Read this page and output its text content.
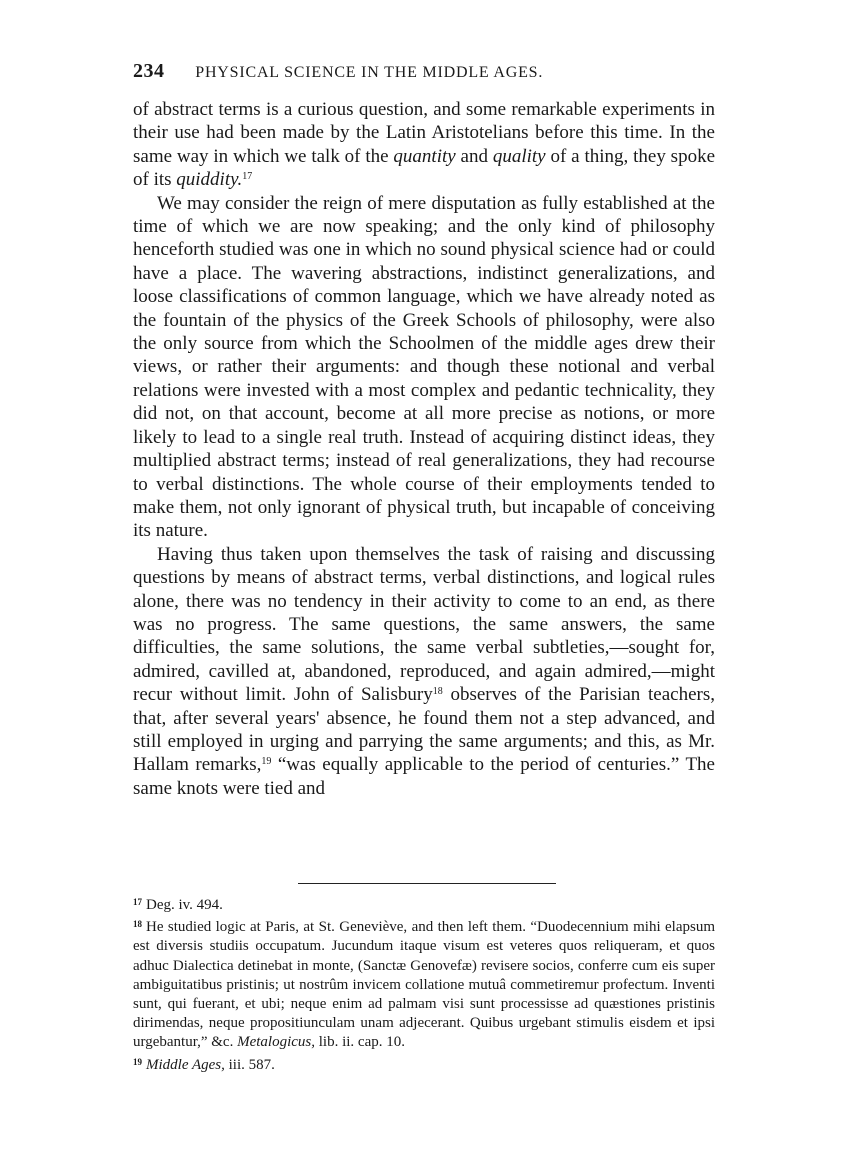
234 PHYSICAL SCIENCE IN THE MIDDLE AGES.

of abstract terms is a curious question, and some remarkable experiments in their use had been made by the Latin Aristotelians before this time. In the same way in which we talk of the quantity and quality of a thing, they spoke of its quiddity.$^{17}$

We may consider the reign of mere disputation as fully established at the time of which we are now speaking; and the only kind of philosophy henceforth studied was one in which no sound physical science had or could have a place. The wavering abstractions, indistinct generalizations, and loose classifications of common language, which we have already noted as the fountain of the physics of the Greek Schools of philosophy, were also the only source from which the Schoolmen of the middle ages drew their views, or rather their arguments: and though these notional and verbal relations were invested with a most complex and pedantic technicality, they did not, on that account, become at all more precise as notions, or more likely to lead to a single real truth. Instead of acquiring distinct ideas, they multiplied abstract terms; instead of real generalizations, they had recourse to verbal distinctions. The whole course of their employments tended to make them, not only ignorant of physical truth, but incapable of conceiving its nature.

Having thus taken upon themselves the task of raising and discussing questions by means of abstract terms, verbal distinctions, and logical rules alone, there was no tendency in their activity to come to an end, as there was no progress. The same questions, the same answers, the same difficulties, the same solutions, the same verbal subtleties,—sought for, admired, cavilled at, abandoned, reproduced, and again admired,—might recur without limit. John of Salisbury$^{18}$ observes of the Parisian teachers, that, after several years' absence, he found them not a step advanced, and still employed in urging and parrying the same arguments; and this, as Mr. Hallam remarks,$^{19}$ “was equally applicable to the period of centuries.” The same knots were tied and

$^{17}$ Deg. iv. 494.

$^{18}$ He studied logic at Paris, at St. Geneviève, and then left them. “Duodecennium mihi elapsum est diversis studiis occupatum. Jucundum itaque visum est veteres quos reliqueram, et quos adhuc Dialectica detinebat in monte, (Sanctæ Genovefæ) revisere socios, conferre cum eis super ambiguitatibus pristinis; ut nostrûm invicem collatione mutuâ commetiremur profectum. Inventi sunt, qui fuerant, et ubi; neque enim ad palmam visi sunt processisse ad quæstiones pristinis dirimendas, neque propositiunculam unam adjecerant. Quibus urgebant stimulis eisdem et ipsi urgebantur,” &c. Metalogicus, lib. ii. cap. 10.

$^{19}$ Middle Ages, iii. 587.
